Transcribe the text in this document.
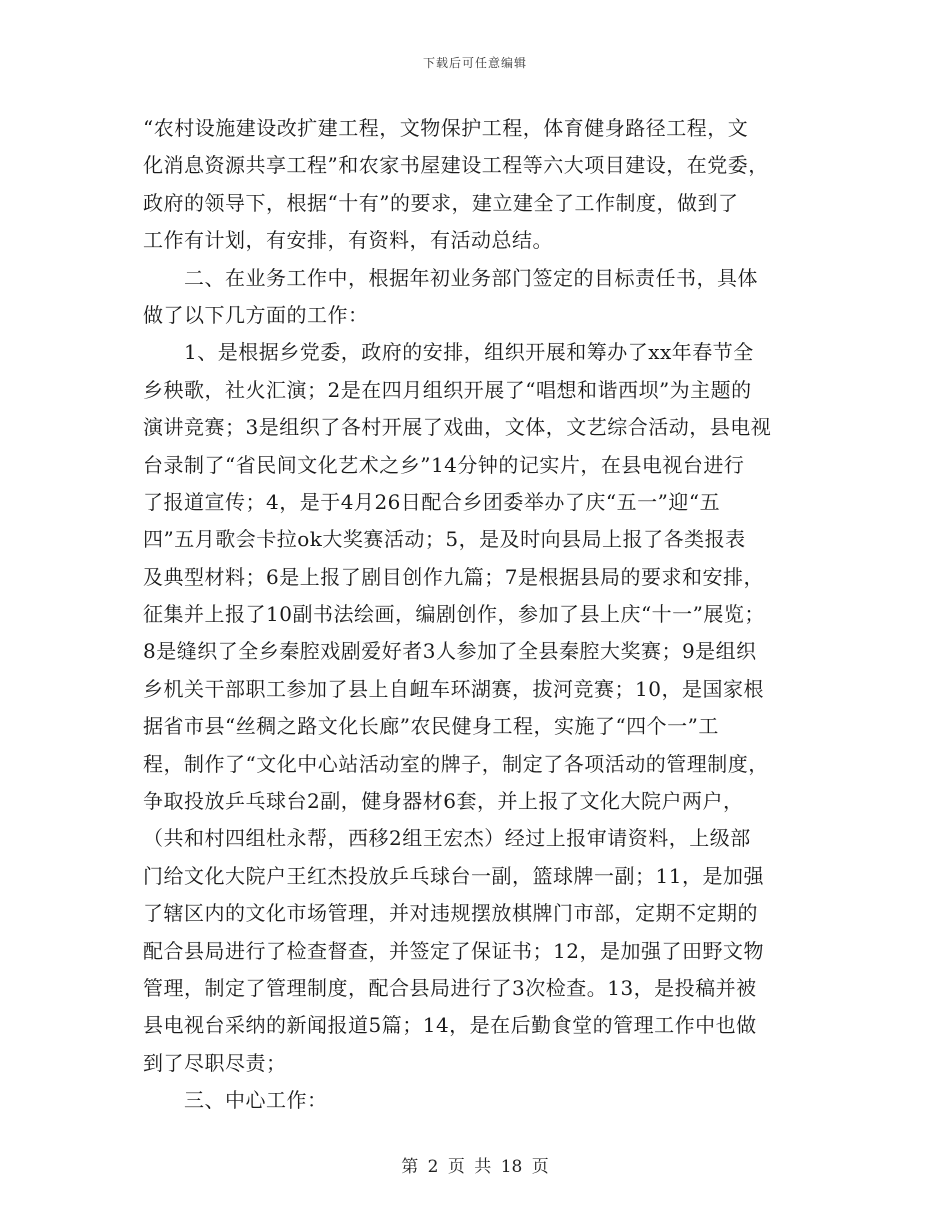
下载后可任意编辑
“农村设施建设改扩建工程，文物保护工程，体育健身路径工程，文
化消息资源共享工程”和农家书屋建设工程等六大项目建设，在党委，
政府的领导下，根据“十有”的要求，建立建全了工作制度，做到了
工作有计划，有安排，有资料，有活动总结。
　　二、在业务工作中，根据年初业务部门签定的目标责任书，具体
做了以下几方面的工作：
　　1、是根据乡党委，政府的安排，组织开展和筹办了xx年春节全
乡秧歌，社火汇演；2是在四月组织开展了“唱想和谐西坝”为主题的
演讲竞赛；3是组织了各村开展了戏曲，文体，文艺综合活动，县电视
台录制了“省民间文化艺术之乡”14分钟的记实片，在县电视台进行
了报道宣传；4，是于4月26日配合乡团委举办了庆“五一”迎“五
四”五月歌会卡拉ok大奖赛活动；5，是及时向县局上报了各类报表
及典型材料；6是上报了剧目创作九篇；7是根据县局的要求和安排，
征集并上报了10副书法绘画，编剧创作，参加了县上庆“十一”展览；
8是缝织了全乡秦腔戏剧爱好者3人参加了全县秦腔大奖赛；9是组织
乡机关干部职工参加了县上自衄车环湖赛，拔河竞赛；10，是国家根
据省市县“丝稠之路文化长廊”农民健身工程，实施了“四个一”工
程，制作了“文化中心站活动室的牌子，制定了各项活动的管理制度，
争取投放乒乓球台2副，健身器材6套，并上报了文化大院户两户，
（共和村四组杜永帮，西移2组王宏杰）经过上报审请资料，上级部
门给文化大院户王红杰投放乒乓球台一副，篮球牌一副；11，是加强
了辖区内的文化市场管理，并对违规摆放棋牌门市部，定期不定期的
配合县局进行了检查督查，并签定了保证书；12，是加强了田野文物
管理，制定了管理制度，配合县局进行了3次检查。13，是投稿并被
县电视台采纳的新闻报道5篇；14，是在后勤食堂的管理工作中也做
到了尽职尽责；
　　三、中心工作：
第 2 页 共 18 页
